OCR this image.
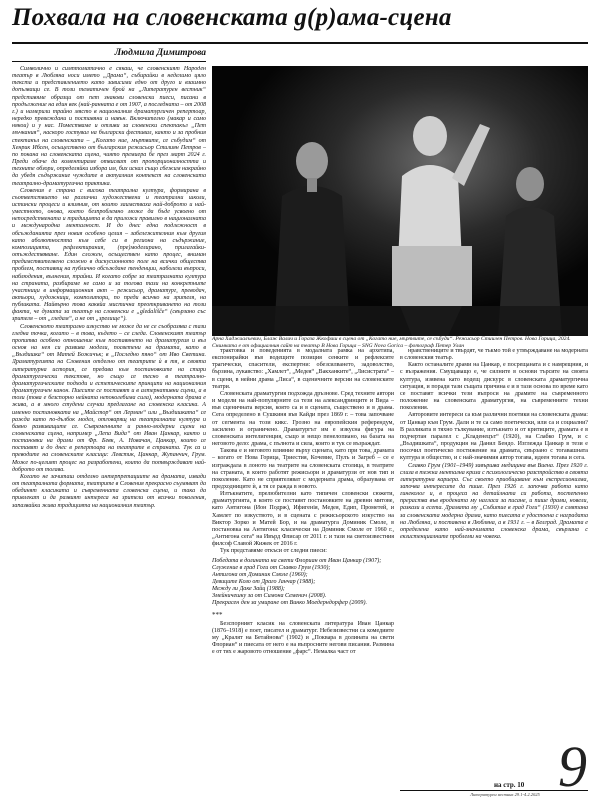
Похвала на словенската g(р)ама-сцена
Людмила Димитрова

Символично и симптоматично е сякаш, че словенският Народен театър в Любляна носи името „Драма“, събирайки в неделимо цяло текста и представлението като зависими едно от друго и взаимно допълващи се. В този тематичен брой на „Литературен вестник“ представяме образци от пет знакови словенски пиеси, писани в продължение на един век (най-ранната е от 1907, а последната – от 2008 г.) и намерили трайно място в националния драматургичен репертоар, нередко превеждани и поставяни и навън. Включително (макар и само някои) и у нас. Поместваме и отзиви за словенски спектакъл „Пет мъчкания“, наскоро гостувал на български фестивал, както и за пробния спектакъл на словенската – „Когато ние, мъртвите, се събудим“ от Хенрик Ибсен, осъществено от българския режисьор Стилиян Петров – по покана на словенската сцена, чиято премиера бе през март 2024 г. Преди обаче да коментираме отвисват от пропорционалността и техните обзори, определяйки избора им, бих искал също сбежим накрайно да убедя съдържание чуждите в актуалния контекст на словенската театрално-драматургична практика.

Словения е страна с висока театрална култура, формирана в съответствието на различни художествени и театрални школи, истински процеси и влияния, от които заимстваха най-доброто и най-уместното, онова, което безпроблемно може да бъде усвоено от непосредствената и традицията в да приложи правилно в националната и международна менталност. И до днес една подлежност в обсъжданията през новия особено целия – забележителния към другия като аболютността към себе си в региона на съдържание, композицията, рефлектирания, (пре)моделирано, прилагайки-отъждествяване. Един сложен, осъществен като процес, вниман предимствителвено сложно в дискусионното поле на всички общества проблем, поставящ на публично обсъждане тенденции, наболели въпроси, наблюдения, вълнения, трайни. И когато собре за театралната култура на страната, разбираме не само и за тогова тази на конкретните участници в информационния акт – режисьор, драматург, преводач, актьори, художници, композитори, по преди всичко на зрителя, на публиката. Найвърно това каквйа мистична преоткриването на този факта, че думата за театър на словенски е „gledališče“ (свързано със зрителя – от „гледам“, а не от „зрелище“).

Словенското театрално изкуство не може да не се съобразява с тази гледна точка, когато – в това, където – се следа. Словенският театър пропитва особено отношение към поставянето на драматургия и въз основ на нея си развива модели, посветени на драмата, като в „Въздишка“ от Матей Божичък; в „Последно пяно“ от Иво Светина. Драматургията на Словения отделно от театрите ѝ в тя, в своята литературна история, се предава към постановките на стари драматургически текстове, но също се тесно в театрално-драматургическите подходи и естетическите принципи на националния драматургичен канон. Пиесите се поставят и в алтернативни сцени, а в този (това е безспорно нейната непоколебима сила), модерната драма е жива, а в много студени случаи предлагане на словенска класика. А именно постановката на „Майстор“ от Лерман“ или „Въздишката“ се ражда като по-дълбок модел, отговарящ на театралната култура и бавно развиващите се. Съвременните и ранно-модерни сцени на словенската сцена, например „Лепа Вида“ от Иван Цанкар, както и постановки на драми от Фр. Бевк, А. Новачан, Цанкар, които се поставят и до днес в репертоара на театрите в страната. Тук са и преводите на словенските класици: Левстик, Цанкар, Жупанчич, Грум. Може по-целият процес на разработени, които да потвърждават най-доброто от тогава.

Когато не зачиташ отделно интерпретациите на драмата, извади от театралната формата, театрите в Словения прекрасно съумяват да обединят класиката и съвременната словенска сцена, и така да привлекат и да развият интереса на зрители от всички поколения, запазвайки жива традицията на националния театър.

Арна Хаджиалъевич, Блаж Валич и Гораза Жкофиш в сцена от „Когато ние, мъртвите, се събуди“. Режисьор Стиилен Петров. Нова Горица, 2024. Снимката е от официалния сайт на театър В Нова Горица – SNG Nova Gorica – фотограф Петер Улан

трактовка и поведенията в модалната рамка на архетипа, експонирайки във водещите позиция сенките и рефлексите трагически, спасители, експертни: обезсилването, задоволство, бързина, лукавство: „Хамлет“, „Медея“ „Вакханките“, „Лисистрата“ – в сцени, в нейни драма „Лиса“, в сценичните версии на словенските театри.

Словенската драматургия подхожда дръзнове. Сред техните автори и модели на най-популярните са тези на александринците и Вида – във сценичната версия, която са и в сцената, съществено и в драма. Сега определено в Сушкиня във Кайди през 1869 г. – това започване от сегмента на този кикс. Грозно на европейския референдум, засилено и ограничено. Драматургът им е изкусна фигура на словенската интелигенция, също и нещо пенелопиано, на базата на неговото дело: драма, с пълнота и сила, които и тук се възраждат.

Такова е и неговото влияние върху сцената, като при това, драмата – когато от Нова Горица, Триестия, Кочевие, Пулъ и Загреб – се е изграждала в лоното на театрите на словенската столица, в театрите на страната, в които работят режисьори и драматурзи от нов тип и поколение. Като не сприятеляват с модерната драма, образувана от предходниците ѝ, а тя се ражда в новото.

Изтъкнатите, прелюбителни като типичен словенски сюжети, драматургията, в която се поставят постановките на древни митове, като Антигона (Ион Подрж), Ифигенія, Медея, Едип, Прометей, и Хамлет по изкуството, и в сцената с режисьорското изкуство на Виктор Зорко и Матей Бор, и на драматурга Доминик Смоле, в постановка на Антигона: класически на Доминик Смоле от 1960 г., „Антигона сега“ на Ивърд Флисар от 2011 г. и тази на светоизвестния филсоф Славой Жижек от 2016 г.

Тук представяме откъси от следни пиеси:

Победата в долината на свети Флориан от Иван Цанкар (1907);
Служение в град Гоги от Славко Грум (1930);
Антигона от Доминик Смоле (1960);
Девиците Козо от Драго Јанчар (1988);
Между ли Даке Зайц (1988);
Змейничешку за от Симона Семенич (2008).
Прекрасен ден за умиране от Винко Моедерндорфер (2009).
***

Безспорният класик на словенската литература Иван Цанкар (1876–1918) е поет, писател и драматург. Небезизвестни са комедиите му „Кралят на Бетайнова“ (1902) и „Поквара в долината на свети Флориан“ и пиесата от него е на въпросните негови писания. Размина е от тях е жаровото отношение „фарс“. Немалка част от

нравствениците и твърдят, че тъкмо той е утвърждаване на модерната в словенския театър.

Както останалите драми на Цанкар, е посрещаната и с намрещния, и с възражения. Смущаващо е, че силните в основи търсите на своята култура, изявена като водещ дискурс в словенската драматургична ситуация, и поради тази същата причина е и в тази основа по време като се поставят всички тези въпроси на драмите на съвременното положение на словенската драматургия, на съвременните техни поколения.

Авторовите интереси са към различни поетики на словенската драма: от Цанкар към Грум. Дали и те са само поетически, или са и социални? В разликата в тяхно тълкувание, изтъкнато и от критиците, драмата е в подчертан паралел с „Кладенецът“ (1920), на Слабко Грум, и с „Въздишката“, продукция на Данил Бендо. Изглежда Цанкар в тези е посочил поетическо постижение на драмата, свързано с тогавашната култура и общество, и с най-значимия автор тогава, идеен тогава и сега.

Славко Грум (1901–1949) завършва медицина във Виена. През 1920 г. слиза в тежка ментална криза с психологическо разстройство в своята литературна кариера. Със своето приобщаване към експресионизма, започва интересите да пише. През 1926 г. започва работа като гинеколог и, в процеса на детайлната си работа, постепенно прераства във вродената му нагласа за писане, и пише драми, новели, разкази и есета. Драмата му „Събитие в град Гоги“ (1930) е смятана за словенската модерна драма, като пиесата е удостоена с наградата на Любляна, и поставена в Любляна, а в 1931 г. – в Белград. Драмата е определена като най-значимата словенска драма, свързана с екзистенциалните проблеми на човека.

на стр. 10 9
Литературен вестник 29.1-4.2.2025
